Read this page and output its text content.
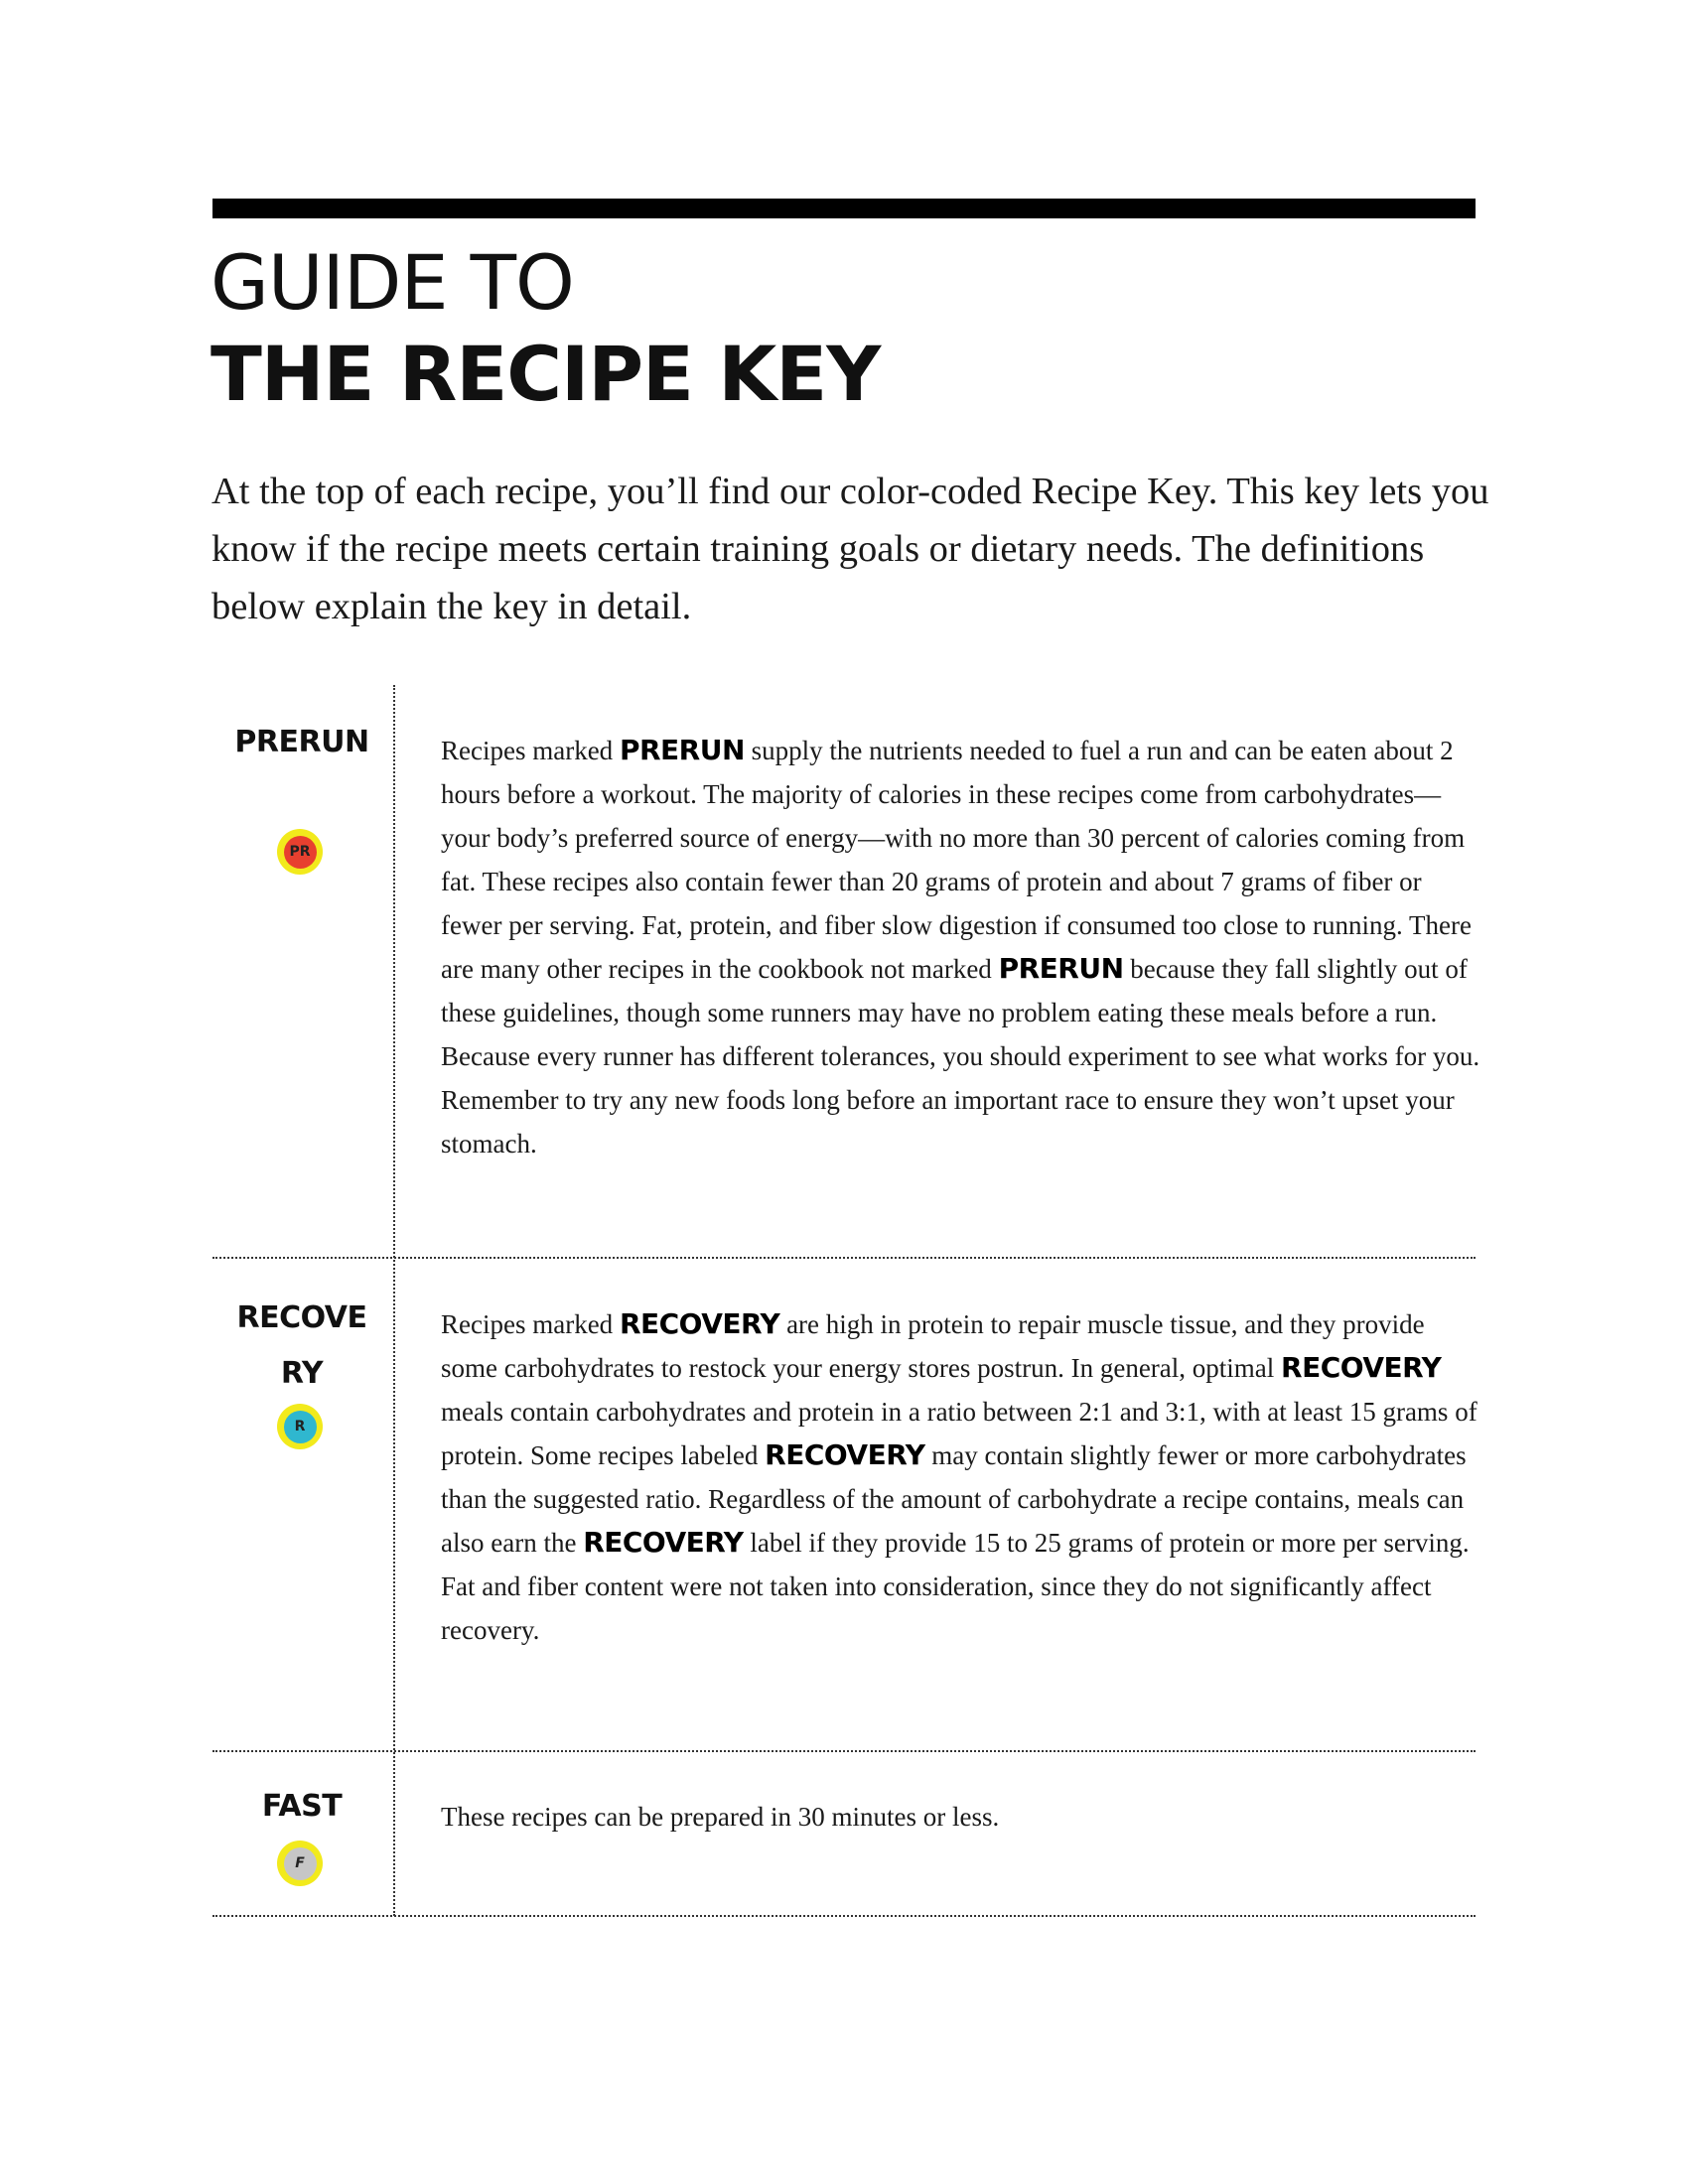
GUIDE TO
THE RECIPE KEY

At the top of each recipe, you’ll find our color-coded Recipe Key. This key lets you know if the recipe meets certain training goals or dietary needs. The definitions below explain the key in detail.

PRERUN
PR

Recipes marked PRERUN supply the nutrients needed to fuel a run and can be eaten about 2 hours before a workout. The majority of calories in these recipes come from carbohydrates—your body’s preferred source of energy—with no more than 30 percent of calories coming from fat. These recipes also contain fewer than 20 grams of protein and about 7 grams of fiber or fewer per serving. Fat, protein, and fiber slow digestion if consumed too close to running. There are many other recipes in the cookbook not marked PRERUN because they fall slightly out of these guidelines, though some runners may have no problem eating these meals before a run. Because every runner has different tolerances, you should experiment to see what works for you. Remember to try any new foods long before an important race to ensure they won’t upset your stomach.

RECOVERY
R

Recipes marked RECOVERY are high in protein to repair muscle tissue, and they provide some carbohydrates to restock your energy stores postrun. In general, optimal RECOVERY meals contain carbohydrates and protein in a ratio between 2:1 and 3:1, with at least 15 grams of protein. Some recipes labeled RECOVERY may contain slightly fewer or more carbohydrates than the suggested ratio. Regardless of the amount of carbohydrate a recipe contains, meals can also earn the RECOVERY label if they provide 15 to 25 grams of protein or more per serving. Fat and fiber content were not taken into consideration, since they do not significantly affect recovery.

FAST
F

These recipes can be prepared in 30 minutes or less.
